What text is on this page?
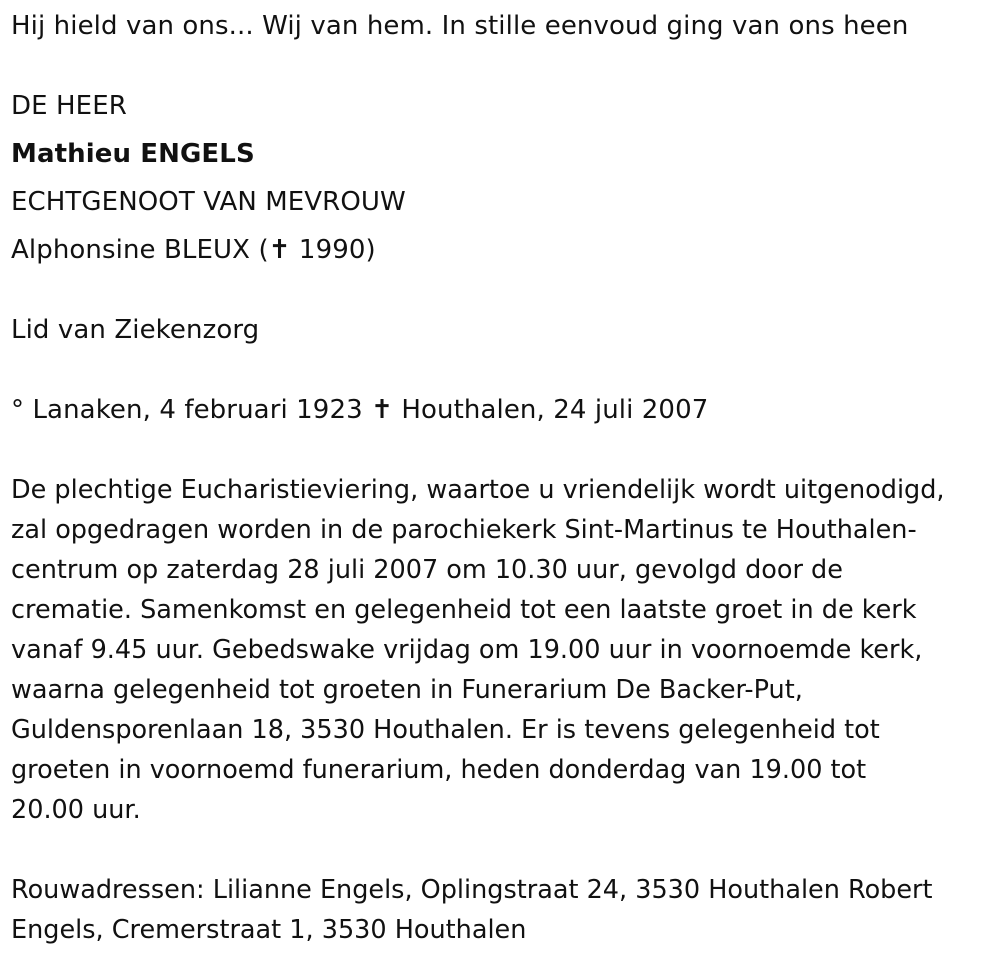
Hij hield van ons... Wij van hem. In stille eenvoud ging van ons heen

DE HEER

Mathieu ENGELS

ECHTGENOOT VAN MEVROUW

Alphonsine BLEUX (✝ 1990)

Lid van Ziekenzorg

° Lanaken, 4 februari 1923 ✝ Houthalen, 24 juli 2007

De plechtige Eucharistieviering, waartoe u vriendelijk wordt uitgenodigd,
zal opgedragen worden in de parochiekerk Sint-Martinus te Houthalen-
centrum op zaterdag 28 juli 2007 om 10.30 uur, gevolgd door de
crematie. Samenkomst en gelegenheid tot een laatste groet in de kerk
vanaf 9.45 uur. Gebedswake vrijdag om 19.00 uur in voornoemde kerk,
waarna gelegenheid tot groeten in Funerarium De Backer-Put,
Guldensporenlaan 18, 3530 Houthalen. Er is tevens gelegenheid tot
groeten in voornoemd funerarium, heden donderdag van 19.00 tot
20.00 uur.
Rouwadressen: Lilianne Engels, Oplingstraat 24, 3530 Houthalen Robert
Engels, Cremerstraat 1, 3530 Houthalen
